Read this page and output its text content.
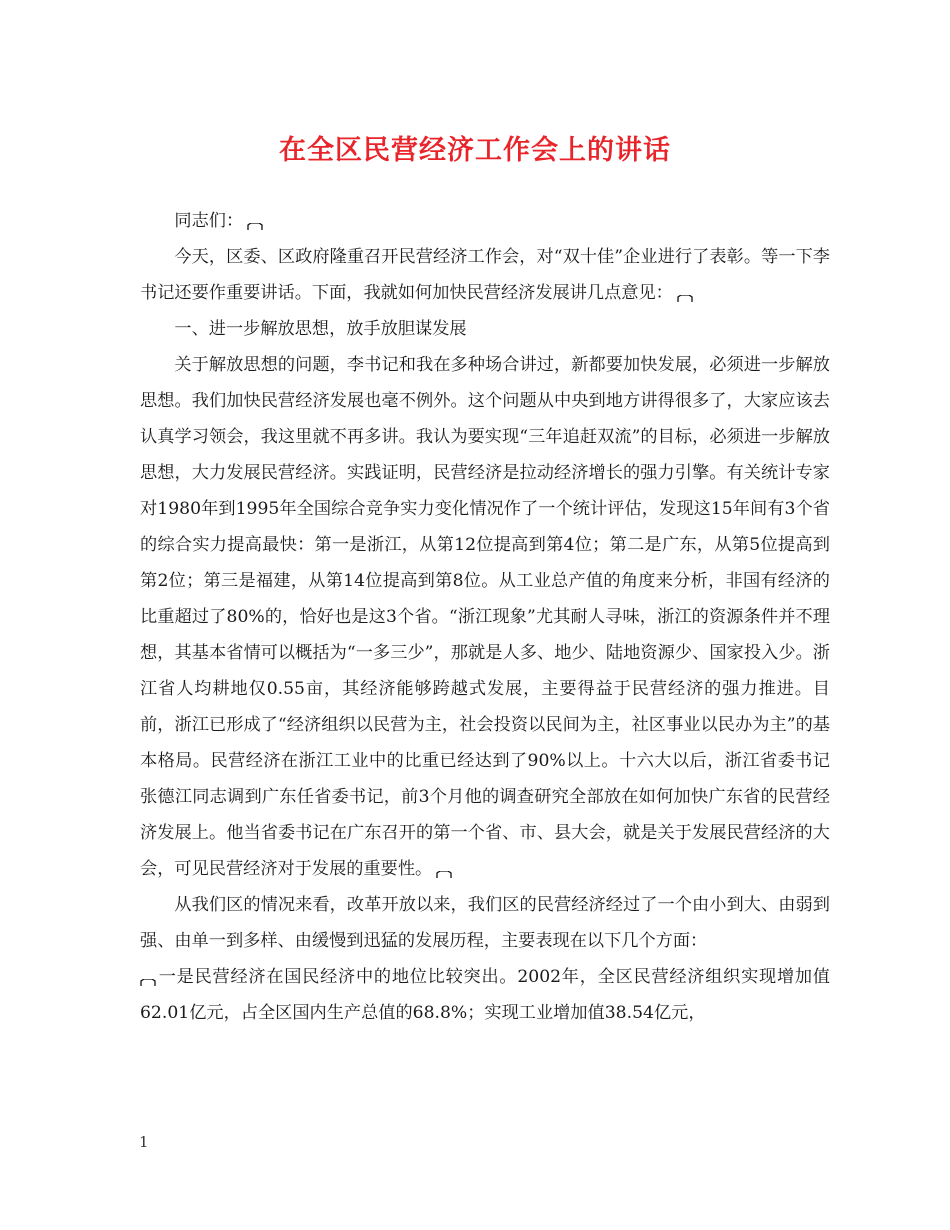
在全区民营经济工作会上的讲话

同志们：

今天，区委、区政府隆重召开民营经济工作会，对“双十佳”企业进行了表彰。等一下李书记还要作重要讲话。下面，我就如何加快民营经济发展讲几点意见：

一、进一步解放思想，放手放胆谋发展

关于解放思想的问题，李书记和我在多种场合讲过，新都要加快发展，必须进一步解放思想。我们加快民营经济发展也毫不例外。这个问题从中央到地方讲得很多了，大家应该去认真学习领会，我这里就不再多讲。我认为要实现“三年追赶双流”的目标，必须进一步解放思想，大力发展民营经济。实践证明，民营经济是拉动经济增长的强力引擎。有关统计专家对1980年到1995年全国综合竞争实力变化情况作了一个统计评估，发现这15年间有3个省的综合实力提高最快：第一是浙江，从第12位提高到第4位；第二是广东，从第5位提高到第2位；第三是福建，从第14位提高到第8位。从工业总产值的角度来分析，非国有经济的比重超过了80%的，恰好也是这3个省。“浙江现象”尤其耐人寻味，浙江的资源条件并不理想，其基本省情可以概括为“一多三少”，那就是人多、地少、陆地资源少、国家投入少。浙江省人均耕地仅0.55亩，其经济能够跨越式发展，主要得益于民营经济的强力推进。目前，浙江已形成了“经济组织以民营为主，社会投资以民间为主，社区事业以民办为主”的基本格局。民营经济在浙江工业中的比重已经达到了90%以上。十六大以后，浙江省委书记张德江同志调到广东任省委书记，前3个月他的调查研究全部放在如何加快广东省的民营经济发展上。他当省委书记在广东召开的第一个省、市、县大会，就是关于发展民营经济的大会，可见民营经济对于发展的重要性。

从我们区的情况来看，改革开放以来，我们区的民营经济经过了一个由小到大、由弱到强、由单一到多样、由缓慢到迅猛的发展历程，主要表现在以下几个方面：

一是民营经济在国民经济中的地位比较突出。2002年，全区民营经济组织实现增加值62.01亿元，占全区国内生产总值的68.8%；实现工业增加值38.54亿元，

1
